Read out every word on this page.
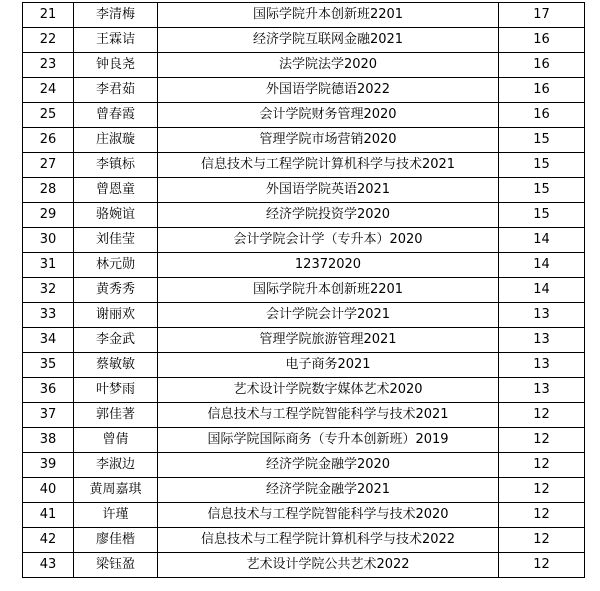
21	李清梅	国际学院升本创新班2201	17
22	王霖诘	经济学院互联网金融2021	16
23	钟良尧	法学院法学2020	16
24	李君茹	外国语学院德语2022	16
25	曾春霞	会计学院财务管理2020	16
26	庄淑璇	管理学院市场营销2020	15
27	李镇标	信息技术与工程学院计算机科学与技术2021	15
28	曾恩童	外国语学院英语2021	15
29	骆婉谊	经济学院投资学2020	15
30	刘佳莹	会计学院会计学（专升本）2020	14
31	林元勋	12372020	14
32	黄秀秀	国际学院升本创新班2201	14
33	谢丽欢	会计学院会计学2021	13
34	李金武	管理学院旅游管理2021	13
35	蔡敏敏	电子商务2021	13
36	叶梦雨	艺术设计学院数字媒体艺术2020	13
37	郭佳著	信息技术与工程学院智能科学与技术2021	12
38	曾倩	国际学院国际商务（专升本创新班）2019	12
39	李淑边	经济学院金融学2020	12
40	黄周嘉琪	经济学院金融学2021	12
41	许瑾	信息技术与工程学院智能科学与技术2020	12
42	廖佳楷	信息技术与工程学院计算机科学与技术2022	12
43	梁钰盈	艺术设计学院公共艺术2022	12
